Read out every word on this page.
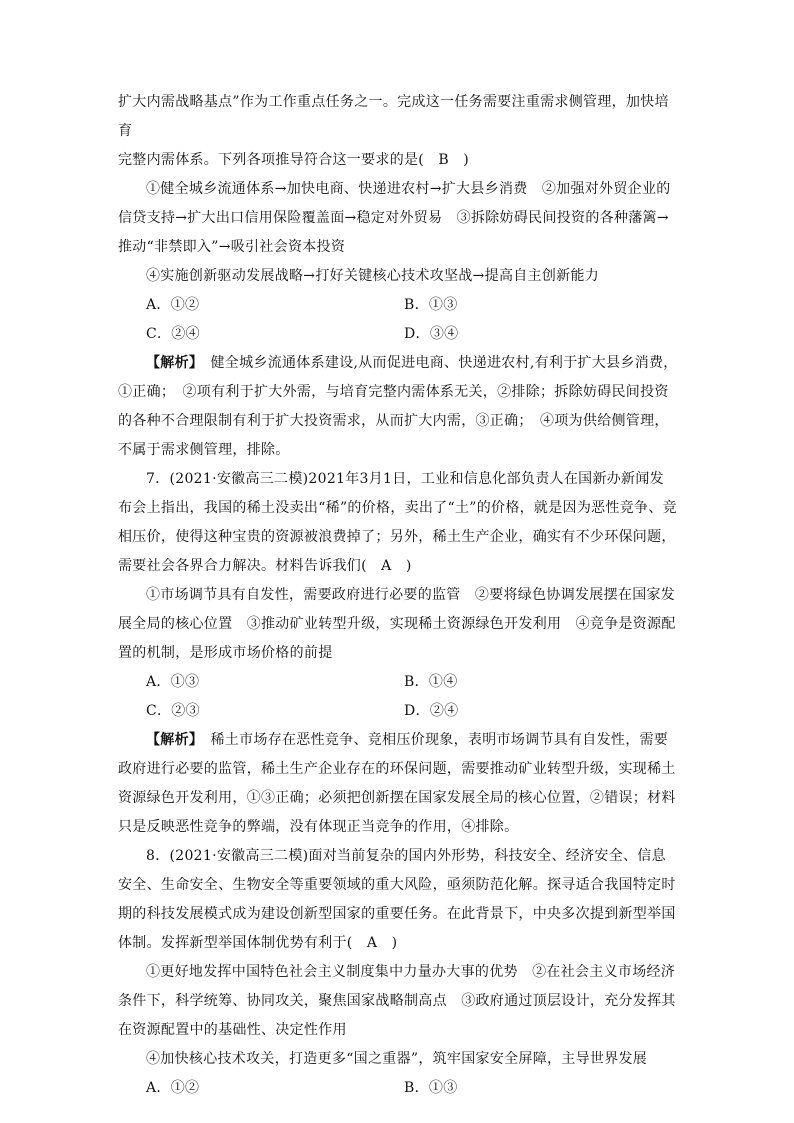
扩大内需战略基点”作为工作重点任务之一。完成这一任务需要注重需求侧管理，加快培育

完整内需体系。下列各项推导符合这一要求的是(　B　)

①健全城乡流通体系→加快电商、快递进农村→扩大县乡消费　②加强对外贸企业的信贷支持→扩大出口信用保险覆盖面→稳定对外贸易　③拆除妨碍民间投资的各种藩篱→推动“非禁即入”→吸引社会资本投资

④实施创新驱动发展战略→打好关键核心技术攻坚战→提高自主创新能力

A．①②	B．①③
C．②④	D．③④

【解析】　健全城乡流通体系建设,从而促进电商、快递进农村,有利于扩大县乡消费，①正确；　②项有利于扩大外需，与培育完整内需体系无关，②排除；拆除妨碍民间投资的各种不合理限制有利于扩大投资需求，从而扩大内需，③正确；　④项为供给侧管理，不属于需求侧管理，排除。

7．(2021·安徽高三二模)2021年3月1日，工业和信息化部负责人在国新办新闻发布会上指出，我国的稀土没卖出“稀”的价格，卖出了“土”的价格，就是因为恶性竞争、竞相压价，使得这种宝贵的资源被浪费掉了；另外，稀土生产企业，确实有不少环保问题，需要社会各界合力解决。材料告诉我们(　A　)

①市场调节具有自发性，需要政府进行必要的监管　②要将绿色协调发展摆在国家发展全局的核心位置　③推动矿业转型升级，实现稀土资源绿色开发利用　④竞争是资源配置的机制，是形成市场价格的前提

A．①③	B．①④
C．②③	D．②④

【解析】　稀土市场存在恶性竞争、竞相压价现象，表明市场调节具有自发性，需要政府进行必要的监管，稀土生产企业存在的环保问题，需要推动矿业转型升级，实现稀土资源绿色开发利用，①③正确；必须把创新摆在国家发展全局的核心位置，②错误；材料只是反映恶性竞争的弊端，没有体现正当竞争的作用，④排除。

8．(2021·安徽高三二模)面对当前复杂的国内外形势，科技安全、经济安全、信息安全、生命安全、生物安全等重要领域的重大风险，亟须防范化解。探寻适合我国特定时期的科技发展模式成为建设创新型国家的重要任务。在此背景下，中央多次提到新型举国体制。发挥新型举国体制优势有利于(　A　)

①更好地发挥中国特色社会主义制度集中力量办大事的优势　②在社会主义市场经济条件下，科学统筹、协同攻关，聚焦国家战略制高点　③政府通过顶层设计，充分发挥其在资源配置中的基础性、决定性作用

④加快核心技术攻关，打造更多“国之重器”，筑牢国家安全屏障，主导世界发展

A．①②	B．①③
